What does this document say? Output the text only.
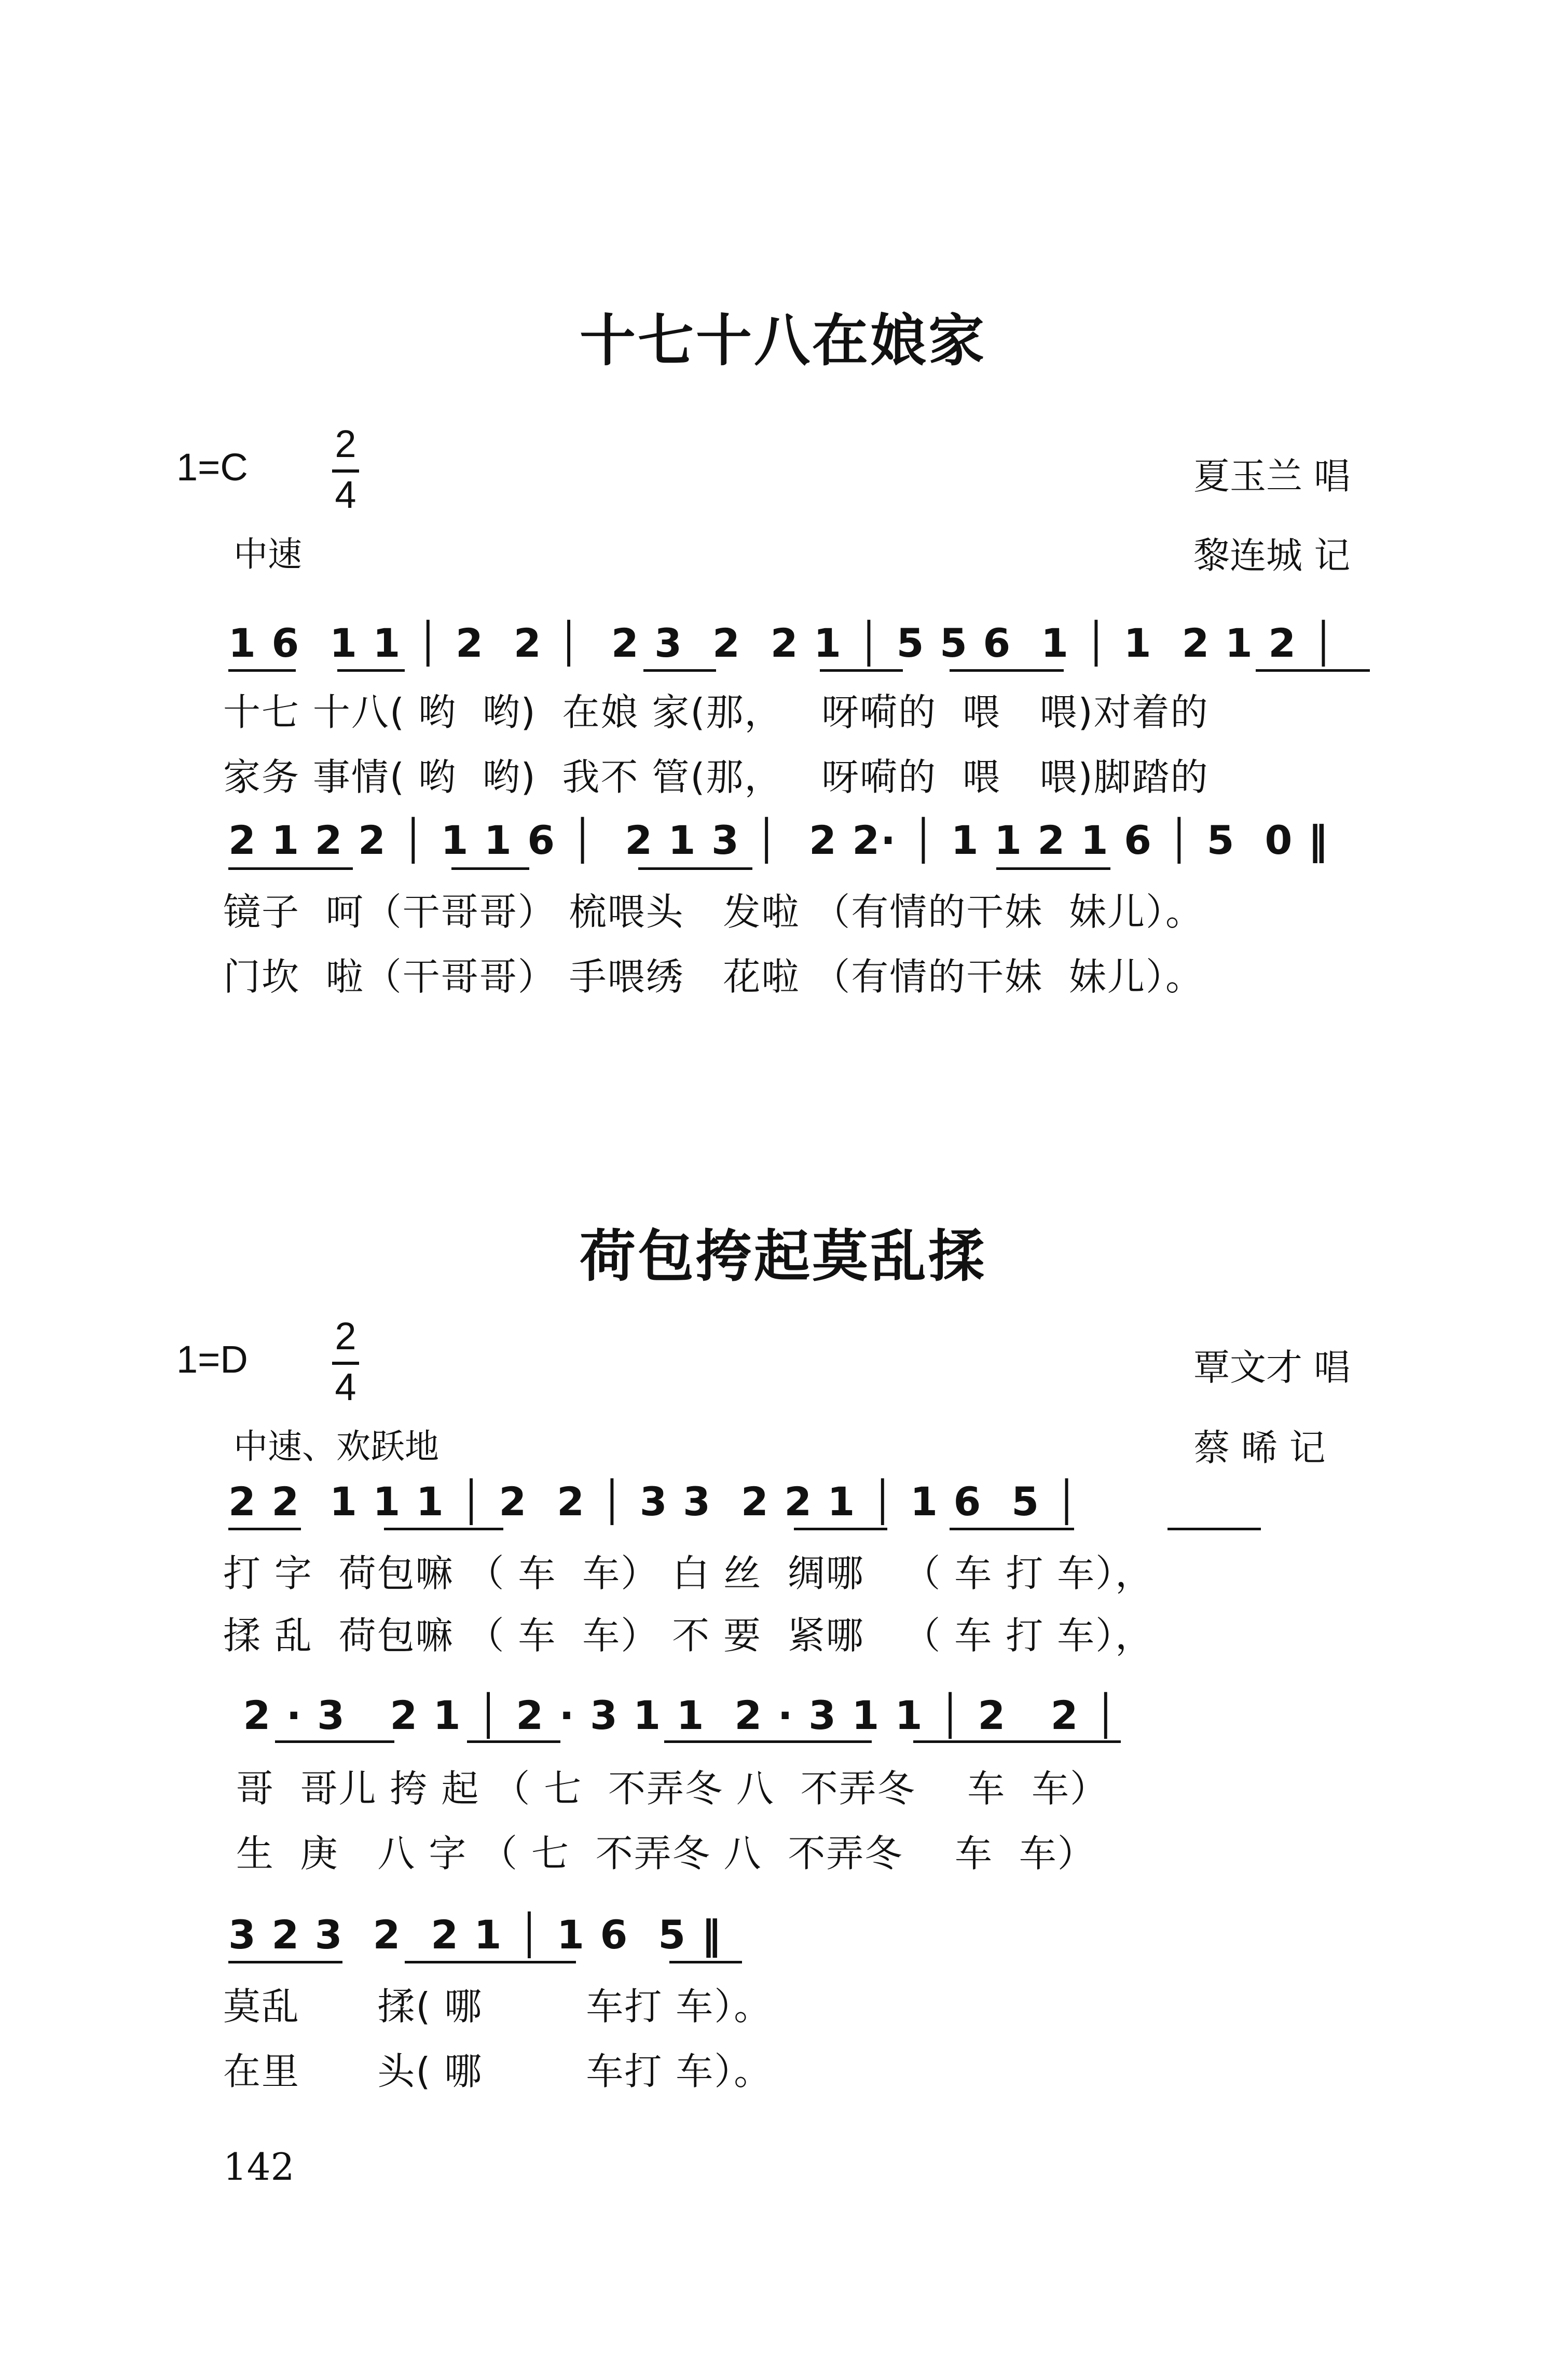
十七十八在娘家
1=C
2
4	夏玉兰 唱
中速	黎连城 记
1 6  1 1 │ 2  2 │  2 3  2  2 1 │ 5 5 6  1 │ 1  2 1 2 │
十七 十八( 哟  哟)  在娘 家(那，   呀嗬的  喂   喂)对着的
家务 事情( 哟  哟)  我不 管(那，   呀嗬的  喂   喂)脚踏的
2 1 2 2 │ 1 1 6 │  2 1 3 │  2 2· │ 1 1 2 1 6 │ 5  0 ‖
镜子  呵（干哥哥） 梳喂头   发啦 （有情的干妹  妹儿）。
门坎  啦（干哥哥） 手喂绣   花啦 （有情的干妹  妹儿）。
荷包挎起莫乱揉
1=D
2
4	覃文才 唱
中速、欢跃地	蔡 晞 记
2 2  1 1 1 │ 2  2 │ 3 3  2 2 1 │ 1 6  5 │
打 字  荷包嘛 （ 车  车） 白 丝  绸哪   （ 车 打 车），
揉 乱  荷包嘛 （ 车  车） 不 要  紧哪   （ 车 打 车），
2 · 3   2 1 │ 2 · 3 1 1  2 · 3 1 1 │ 2   2 │
哥  哥儿 挎 起 （ 七  不弄冬 八  不弄冬    车  车）
生  庚   八 字 （ 七  不弄冬 八  不弄冬    车  车）
3 2 3  2  2 1 │ 1 6  5 ‖
莫乱      揉( 哪        车打 车）。
在里      头( 哪        车打 车）。
142
